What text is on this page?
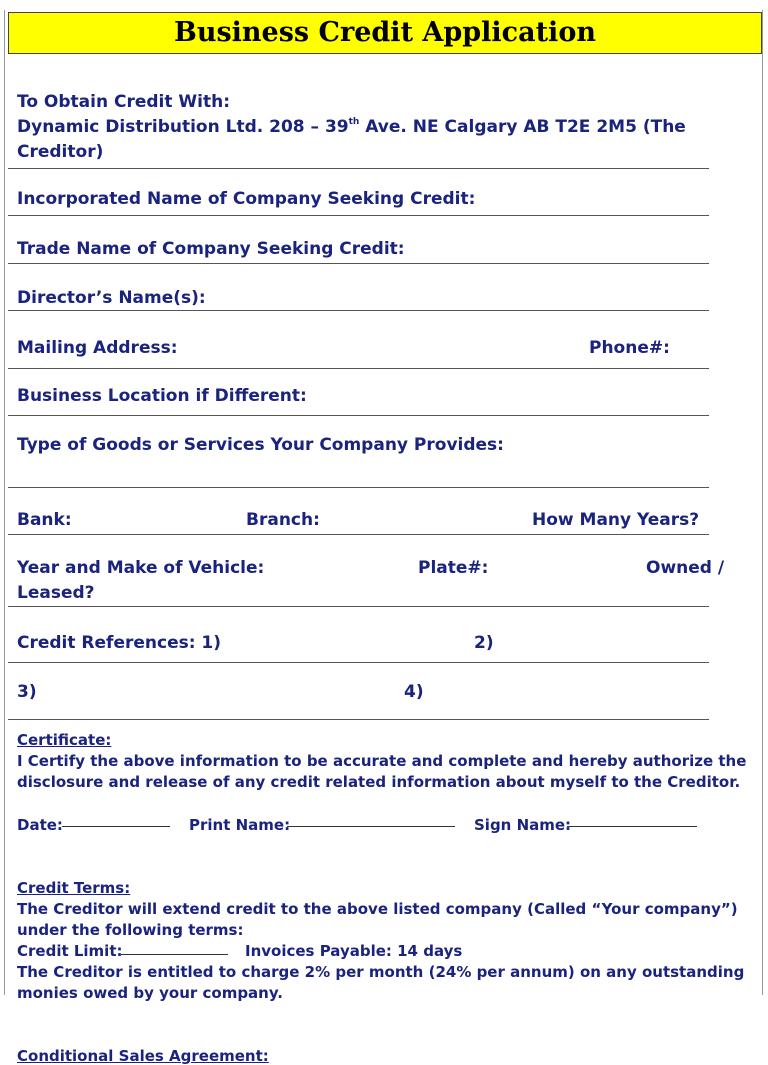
Business Credit Application
To Obtain Credit With:
Dynamic Distribution Ltd. 208 – 39th Ave. NE Calgary AB T2E 2M5 (The
Creditor)
Incorporated Name of Company Seeking Credit:
Trade Name of Company Seeking Credit:
Director’s Name(s):
Mailing Address:	Phone#:
Business Location if Different:
Type of Goods or Services Your Company Provides:
Bank:	Branch:	How Many Years?
Year and Make of Vehicle:	Plate#:	Owned /
Leased?
Credit References: 1)	2)
3)	4)
Certificate:
I Certify the above information to be accurate and complete and hereby authorize the
disclosure and release of any credit related information about myself to the Creditor.
Date:	Print Name:	Sign Name:
Credit Terms:
The Creditor will extend credit to the above listed company (Called “Your company”)
under the following terms:
Credit Limit:	Invoices Payable: 14 days
The Creditor is entitled to charge 2% per month (24% per annum) on any outstanding
monies owed by your company.
Conditional Sales Agreement:
